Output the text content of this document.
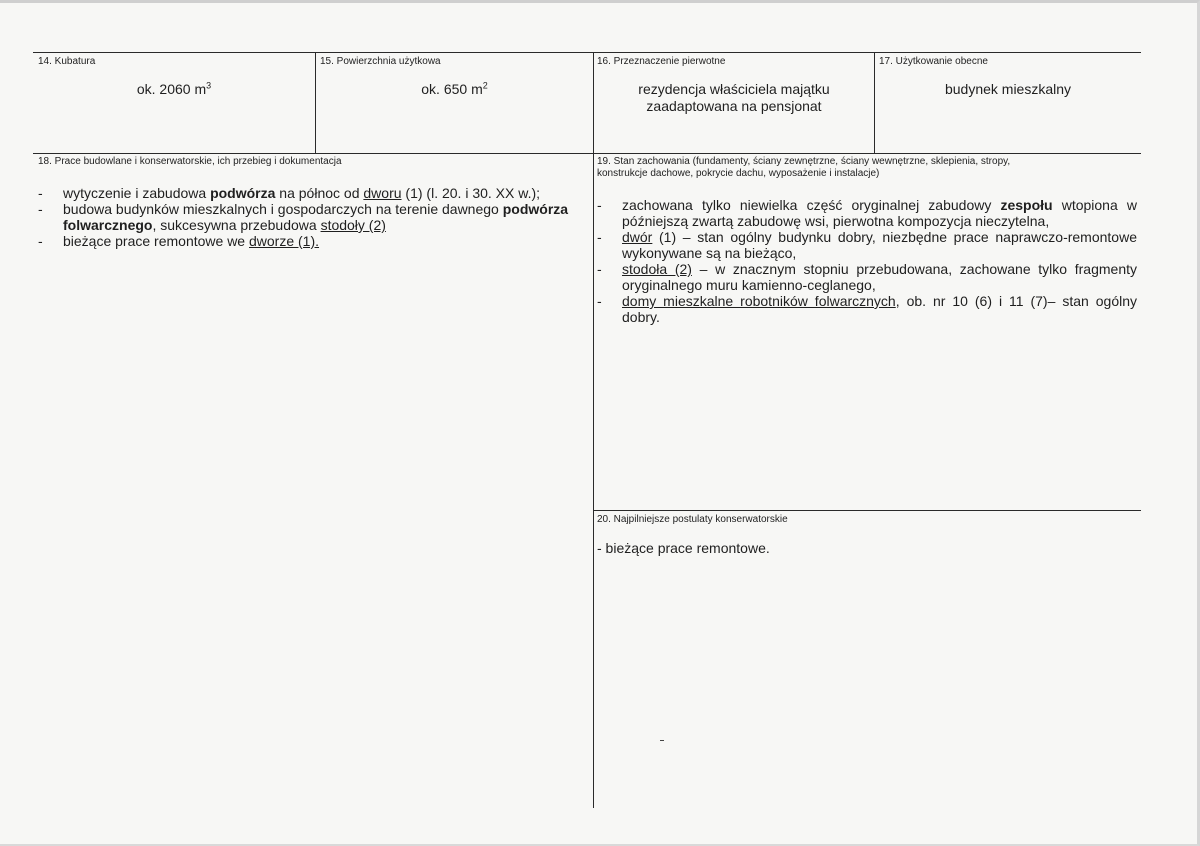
14. Kubatura
ok. 2060 $m^3$
15. Powierzchnia użytkowa
ok. 650 $m^2$
16. Przeznaczenie pierwotne
rezydencja właściciela majątku
zaadaptowana na pensjonat
17. Użytkowanie obecne
budynek mieszkalny
18. Prace budowlane i konserwatorskie, ich przebieg i dokumentacja
- wytyczenie i zabudowa podwórza na północ od dworu (1) (l. 20. i 30. XX w.);
- budowa budynków mieszkalnych i gospodarczych na terenie dawnego podwórza folwarcznego, sukcesywna przebudowa stodoły (2)
- bieżące prace remontowe we dworze (1).
19. Stan zachowania (fundamenty, ściany zewnętrzne, ściany wewnętrzne, sklepienia, stropy,
konstrukcje dachowe, pokrycie dachu, wyposażenie i instalacje)
- zachowana tylko niewielka część oryginalnej zabudowy zespołu wtopiona w późniejszą zwartą zabudowę wsi, pierwotna kompozycja nieczytelna,
- dwór (1) – stan ogólny budynku dobry, niezbędne prace naprawczo-remontowe wykonywane są na bieżąco,
- stodoła (2) – w znacznym stopniu przebudowana, zachowane tylko fragmenty oryginalnego muru kamienno-ceglanego,
- domy mieszkalne robotników folwarcznych, ob. nr 10 (6) i 11 (7)– stan ogólny dobry.
20. Najpilniejsze postulaty konserwatorskie
- bieżące prace remontowe.
